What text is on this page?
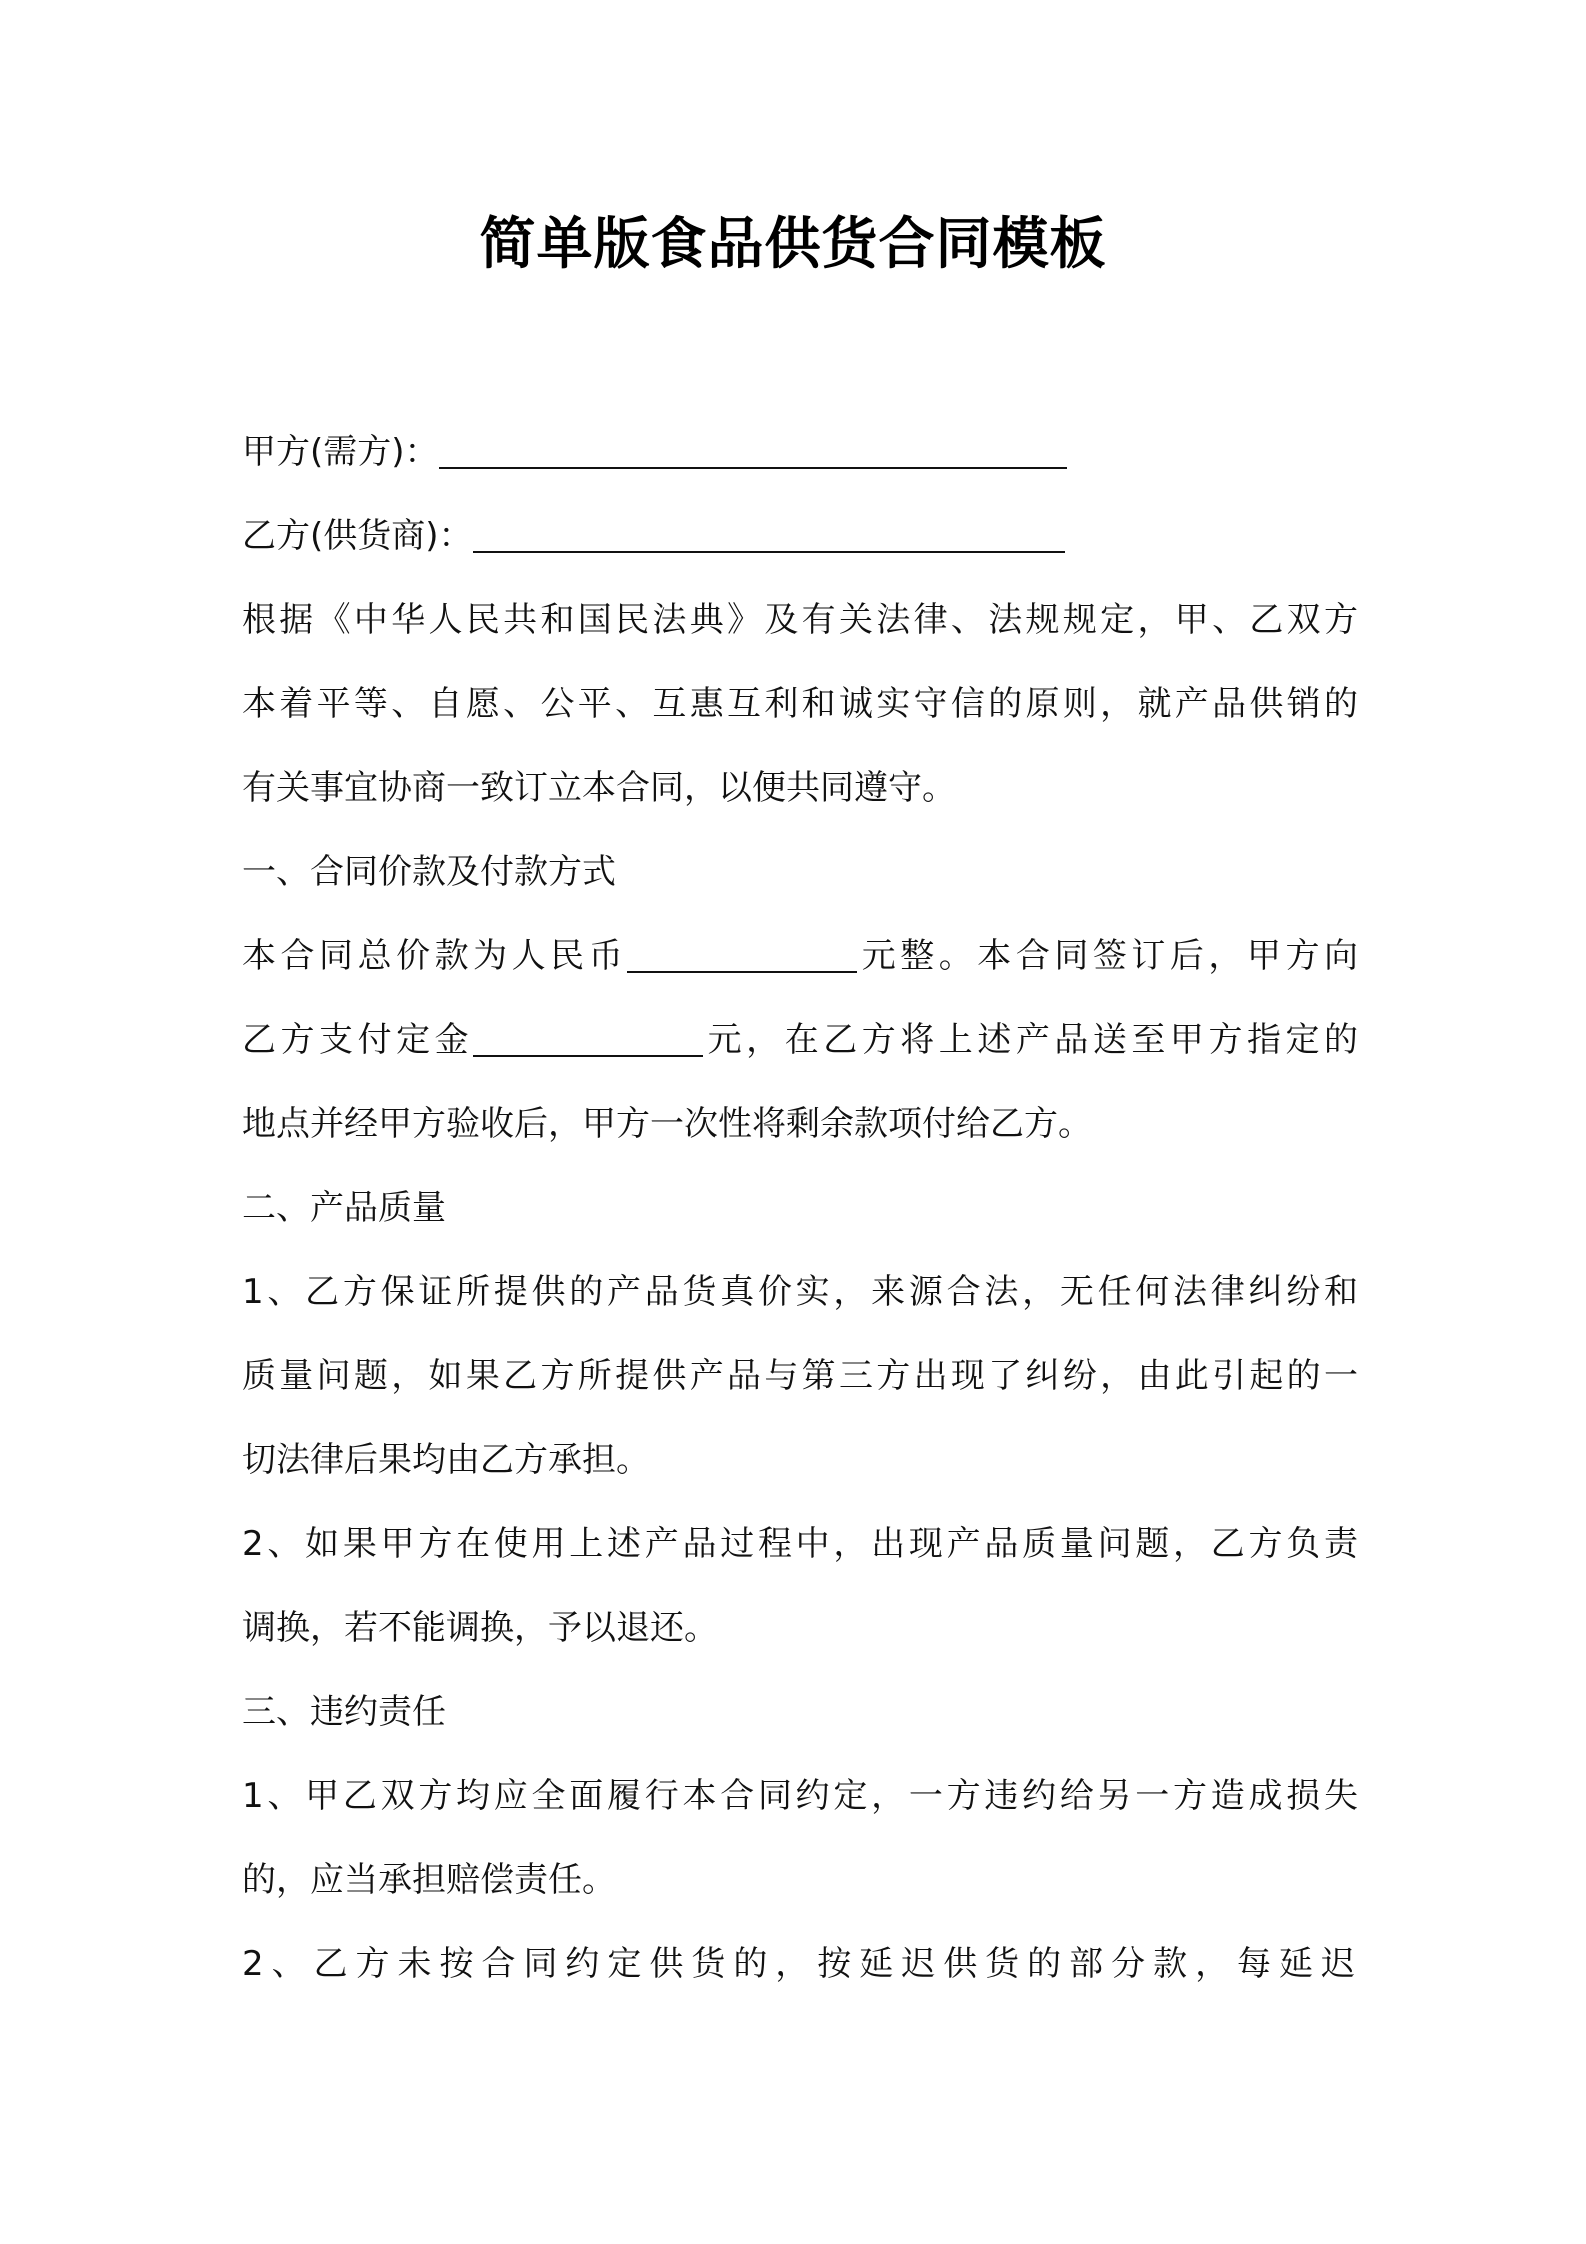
简单版食品供货合同模板
甲方(需方)：
乙方(供货商)：
根据《中华人民共和国民法典》及有关法律、法规规定，甲、乙双方
本着平等、自愿、公平、互惠互利和诚实守信的原则，就产品供销的
有关事宜协商一致订立本合同，以便共同遵守。
一、合同价款及付款方式
本合同总价款为人民币	元整。本合同签订后，甲方向
乙方支付定金	元，在乙方将上述产品送至甲方指定的
地点并经甲方验收后，甲方一次性将剩余款项付给乙方。
二、产品质量
1、乙方保证所提供的产品货真价实，来源合法，无任何法律纠纷和
质量问题，如果乙方所提供产品与第三方出现了纠纷，由此引起的一
切法律后果均由乙方承担。
2、如果甲方在使用上述产品过程中，出现产品质量问题，乙方负责
调换，若不能调换，予以退还。
三、违约责任
1、甲乙双方均应全面履行本合同约定，一方违约给另一方造成损失
的，应当承担赔偿责任。
2、乙方未按合同约定供货的，按延迟供货的部分款，每延迟
